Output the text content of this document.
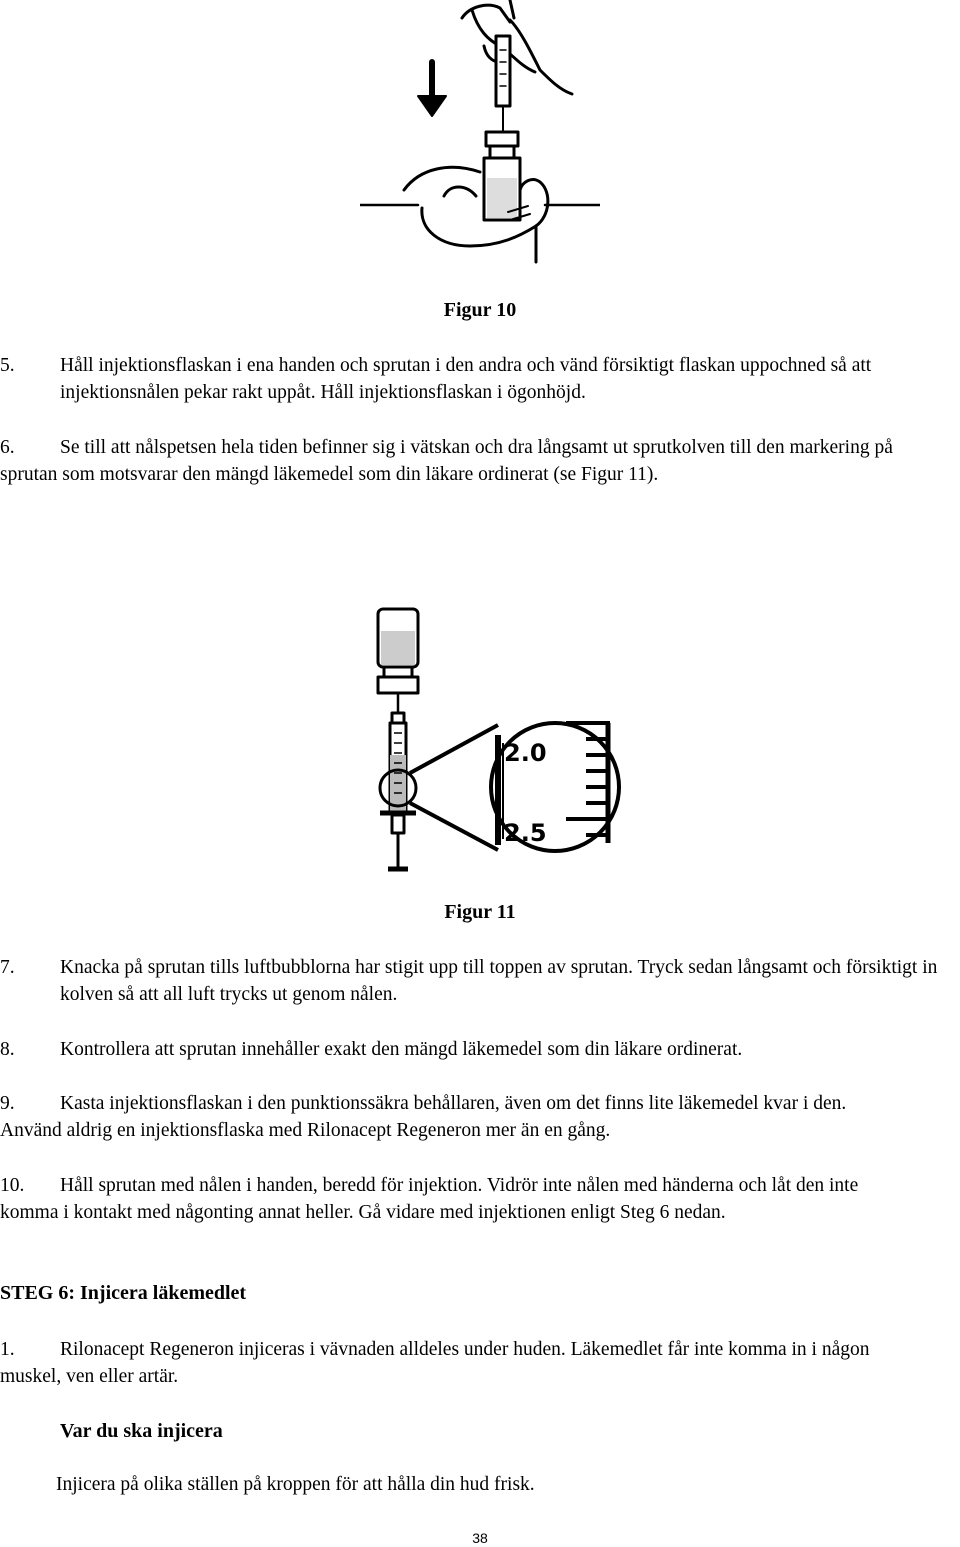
Figur 10
5. Håll injektionsflaskan i ena handen och sprutan i den andra och vänd försiktigt flaskan uppochned så att injektionsnålen pekar rakt uppåt. Håll injektionsflaskan i ögonhöjd.
6.	Se till att nålspetsen hela tiden befinner sig i vätskan och dra långsamt ut sprutkolven till den markering på sprutan som motsvarar den mängd läkemedel som din läkare ordinerat (se Figur 11).
2.0
2.5
Figur 11
7. Knacka på sprutan tills luftbubblorna har stigit upp till toppen av sprutan. Tryck sedan långsamt och försiktigt in kolven så att all luft trycks ut genom nålen.
8. Kontrollera att sprutan innehåller exakt den mängd läkemedel som din läkare ordinerat.
9.	Kasta injektionsflaskan i den punktionssäkra behållaren, även om det finns lite läkemedel kvar i den. Använd aldrig en injektionsflaska med Rilonacept Regeneron mer än en gång.
10.	Håll sprutan med nålen i handen, beredd för injektion. Vidrör inte nålen med händerna och låt den inte komma i kontakt med någonting annat heller. Gå vidare med injektionen enligt Steg 6 nedan.
STEG 6: Injicera läkemedlet
1.	Rilonacept Regeneron injiceras i vävnaden alldeles under huden. Läkemedlet får inte komma in i någon muskel, ven eller artär.
Var du ska injicera
Injicera på olika ställen på kroppen för att hålla din hud frisk.
38
